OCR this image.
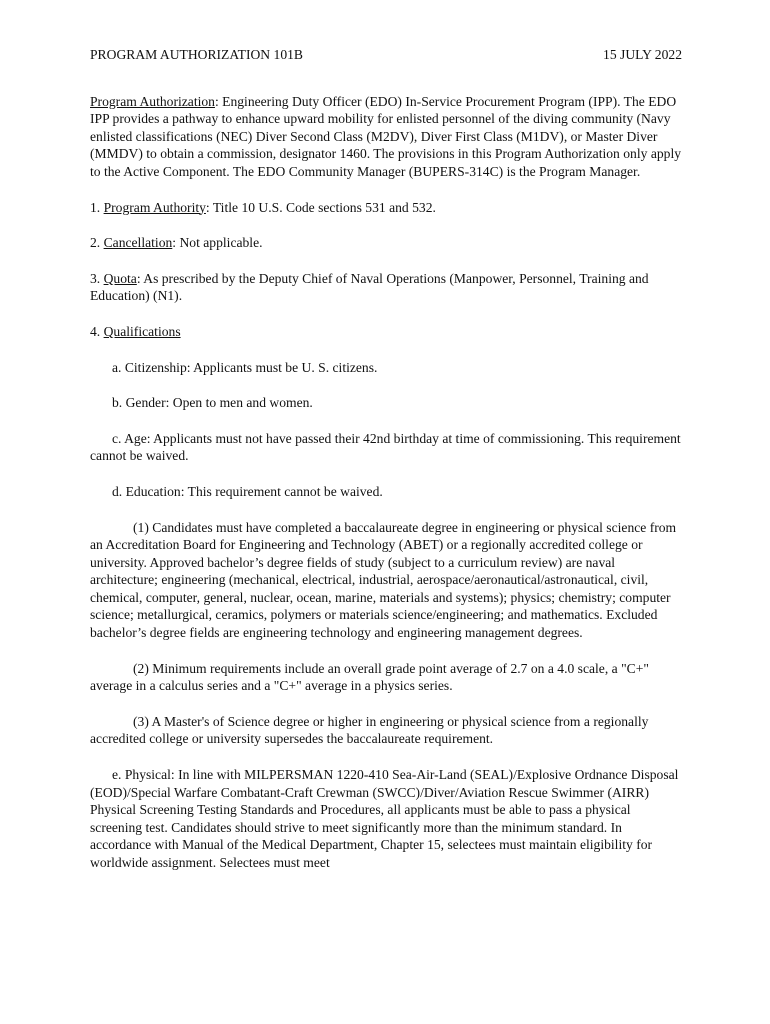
PROGRAM AUTHORIZATION 101B	15 JULY 2022

Program Authorization: Engineering Duty Officer (EDO) In-Service Procurement Program (IPP). The EDO IPP provides a pathway to enhance upward mobility for enlisted personnel of the diving community (Navy enlisted classifications (NEC) Diver Second Class (M2DV), Diver First Class (M1DV), or Master Diver (MMDV) to obtain a commission, designator 1460. The provisions in this Program Authorization only apply to the Active Component. The EDO Community Manager (BUPERS-314C) is the Program Manager.

1. Program Authority: Title 10 U.S. Code sections 531 and 532.

2. Cancellation: Not applicable.

3. Quota: As prescribed by the Deputy Chief of Naval Operations (Manpower, Personnel, Training and Education) (N1).

4. Qualifications

a. Citizenship: Applicants must be U. S. citizens.

b. Gender: Open to men and women.

c. Age: Applicants must not have passed their 42nd birthday at time of commissioning. This requirement cannot be waived.

d. Education: This requirement cannot be waived.

(1) Candidates must have completed a baccalaureate degree in engineering or physical science from an Accreditation Board for Engineering and Technology (ABET) or a regionally accredited college or university. Approved bachelor’s degree fields of study (subject to a curriculum review) are naval architecture; engineering (mechanical, electrical, industrial, aerospace/aeronautical/astronautical, civil, chemical, computer, general, nuclear, ocean, marine, materials and systems); physics; chemistry; computer science; metallurgical, ceramics, polymers or materials science/engineering; and mathematics. Excluded bachelor’s degree fields are engineering technology and engineering management degrees.

(2) Minimum requirements include an overall grade point average of 2.7 on a 4.0 scale, a "C+" average in a calculus series and a "C+" average in a physics series.

(3) A Master's of Science degree or higher in engineering or physical science from a regionally accredited college or university supersedes the baccalaureate requirement.

e. Physical: In line with MILPERSMAN 1220-410 Sea-Air-Land (SEAL)/Explosive Ordnance Disposal (EOD)/Special Warfare Combatant-Craft Crewman (SWCC)/Diver/Aviation Rescue Swimmer (AIRR) Physical Screening Testing Standards and Procedures, all applicants must be able to pass a physical screening test. Candidates should strive to meet significantly more than the minimum standard. In accordance with Manual of the Medical Department, Chapter 15, selectees must maintain eligibility for worldwide assignment. Selectees must meet
